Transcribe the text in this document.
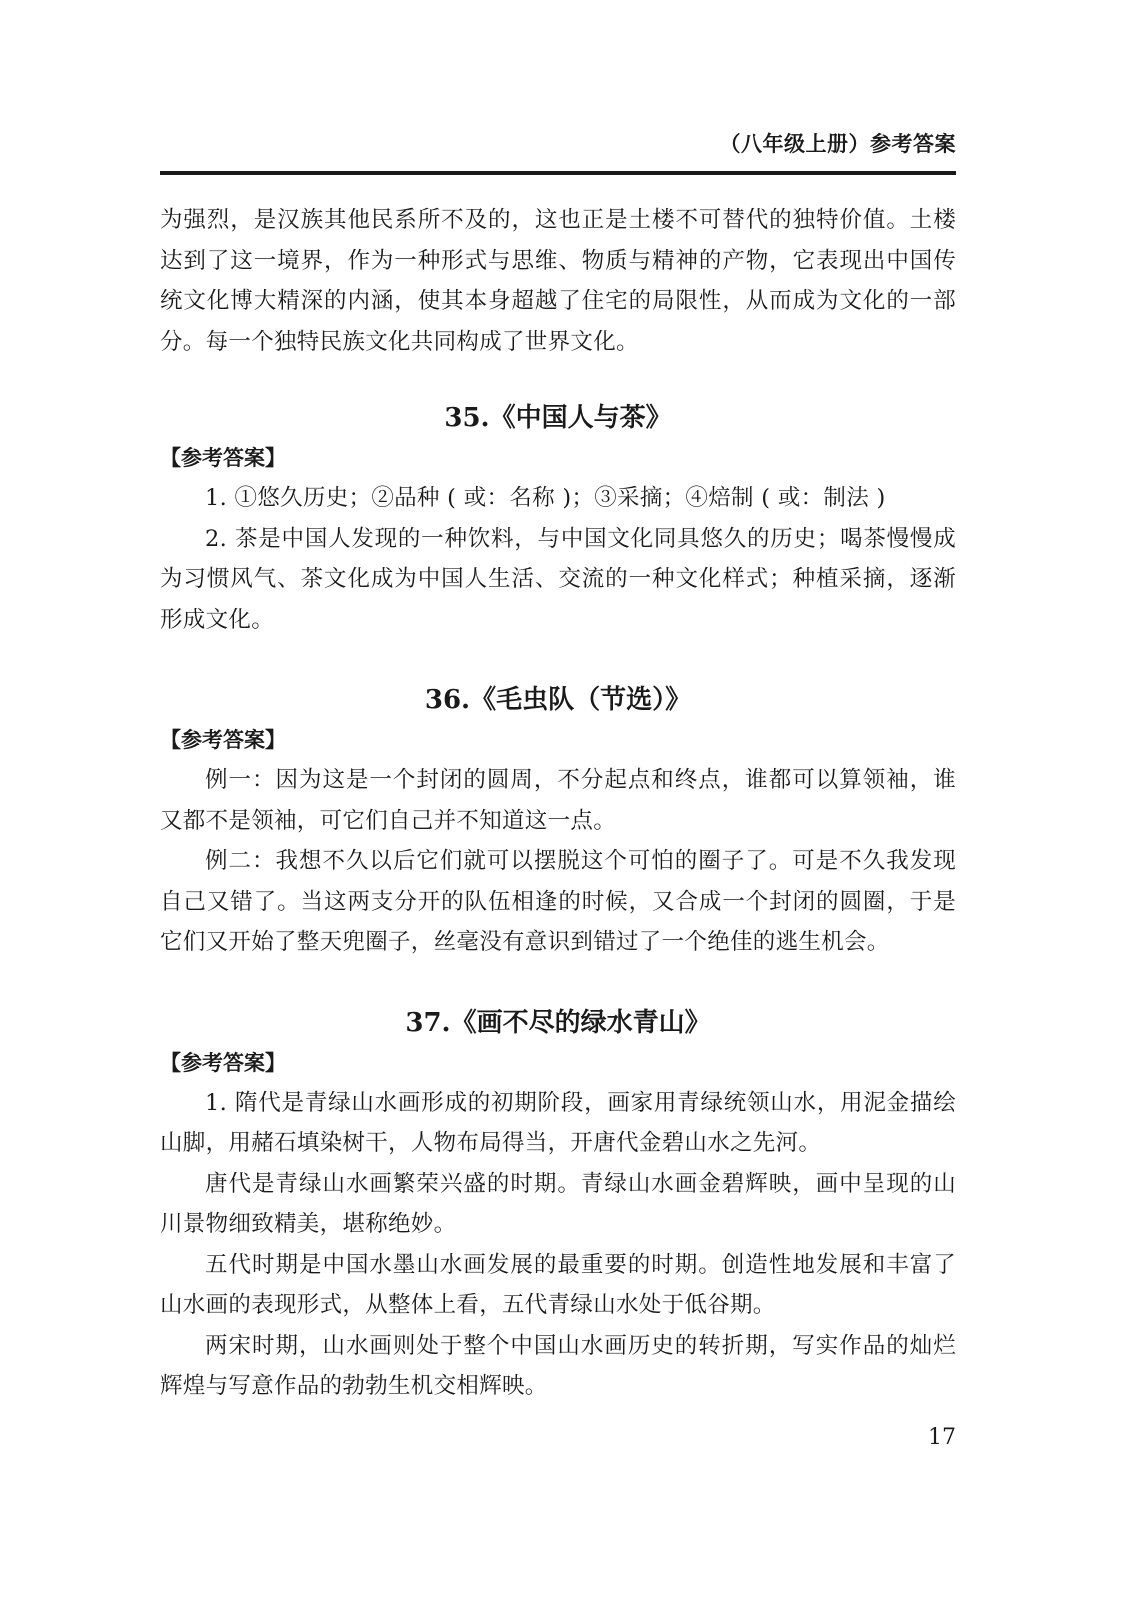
（八年级上册）参考答案

为强烈，是汉族其他民系所不及的，这也正是土楼不可替代的独特价值。土楼达到了这一境界，作为一种形式与思维、物质与精神的产物，它表现出中国传统文化博大精深的内涵，使其本身超越了住宅的局限性，从而成为文化的一部分。每一个独特民族文化共同构成了世界文化。

35.《中国人与茶》

【参考答案】

1. ①悠久历史；②品种 ( 或：名称 )；③采摘；④焙制 ( 或：制法 )

2. 茶是中国人发现的一种饮料，与中国文化同具悠久的历史；喝茶慢慢成为习惯风气、茶文化成为中国人生活、交流的一种文化样式；种植采摘，逐渐形成文化。

36.《毛虫队（节选）》

【参考答案】

例一：因为这是一个封闭的圆周，不分起点和终点，谁都可以算领袖，谁又都不是领袖，可它们自己并不知道这一点。

例二：我想不久以后它们就可以摆脱这个可怕的圈子了。可是不久我发现自己又错了。当这两支分开的队伍相逢的时候，又合成一个封闭的圆圈，于是它们又开始了整天兜圈子，丝毫没有意识到错过了一个绝佳的逃生机会。

37.《画不尽的绿水青山》

【参考答案】

1. 隋代是青绿山水画形成的初期阶段，画家用青绿统领山水，用泥金描绘山脚，用赭石填染树干，人物布局得当，开唐代金碧山水之先河。

唐代是青绿山水画繁荣兴盛的时期。青绿山水画金碧辉映，画中呈现的山川景物细致精美，堪称绝妙。

五代时期是中国水墨山水画发展的最重要的时期。创造性地发展和丰富了山水画的表现形式，从整体上看，五代青绿山水处于低谷期。

两宋时期，山水画则处于整个中国山水画历史的转折期，写实作品的灿烂辉煌与写意作品的勃勃生机交相辉映。

17
